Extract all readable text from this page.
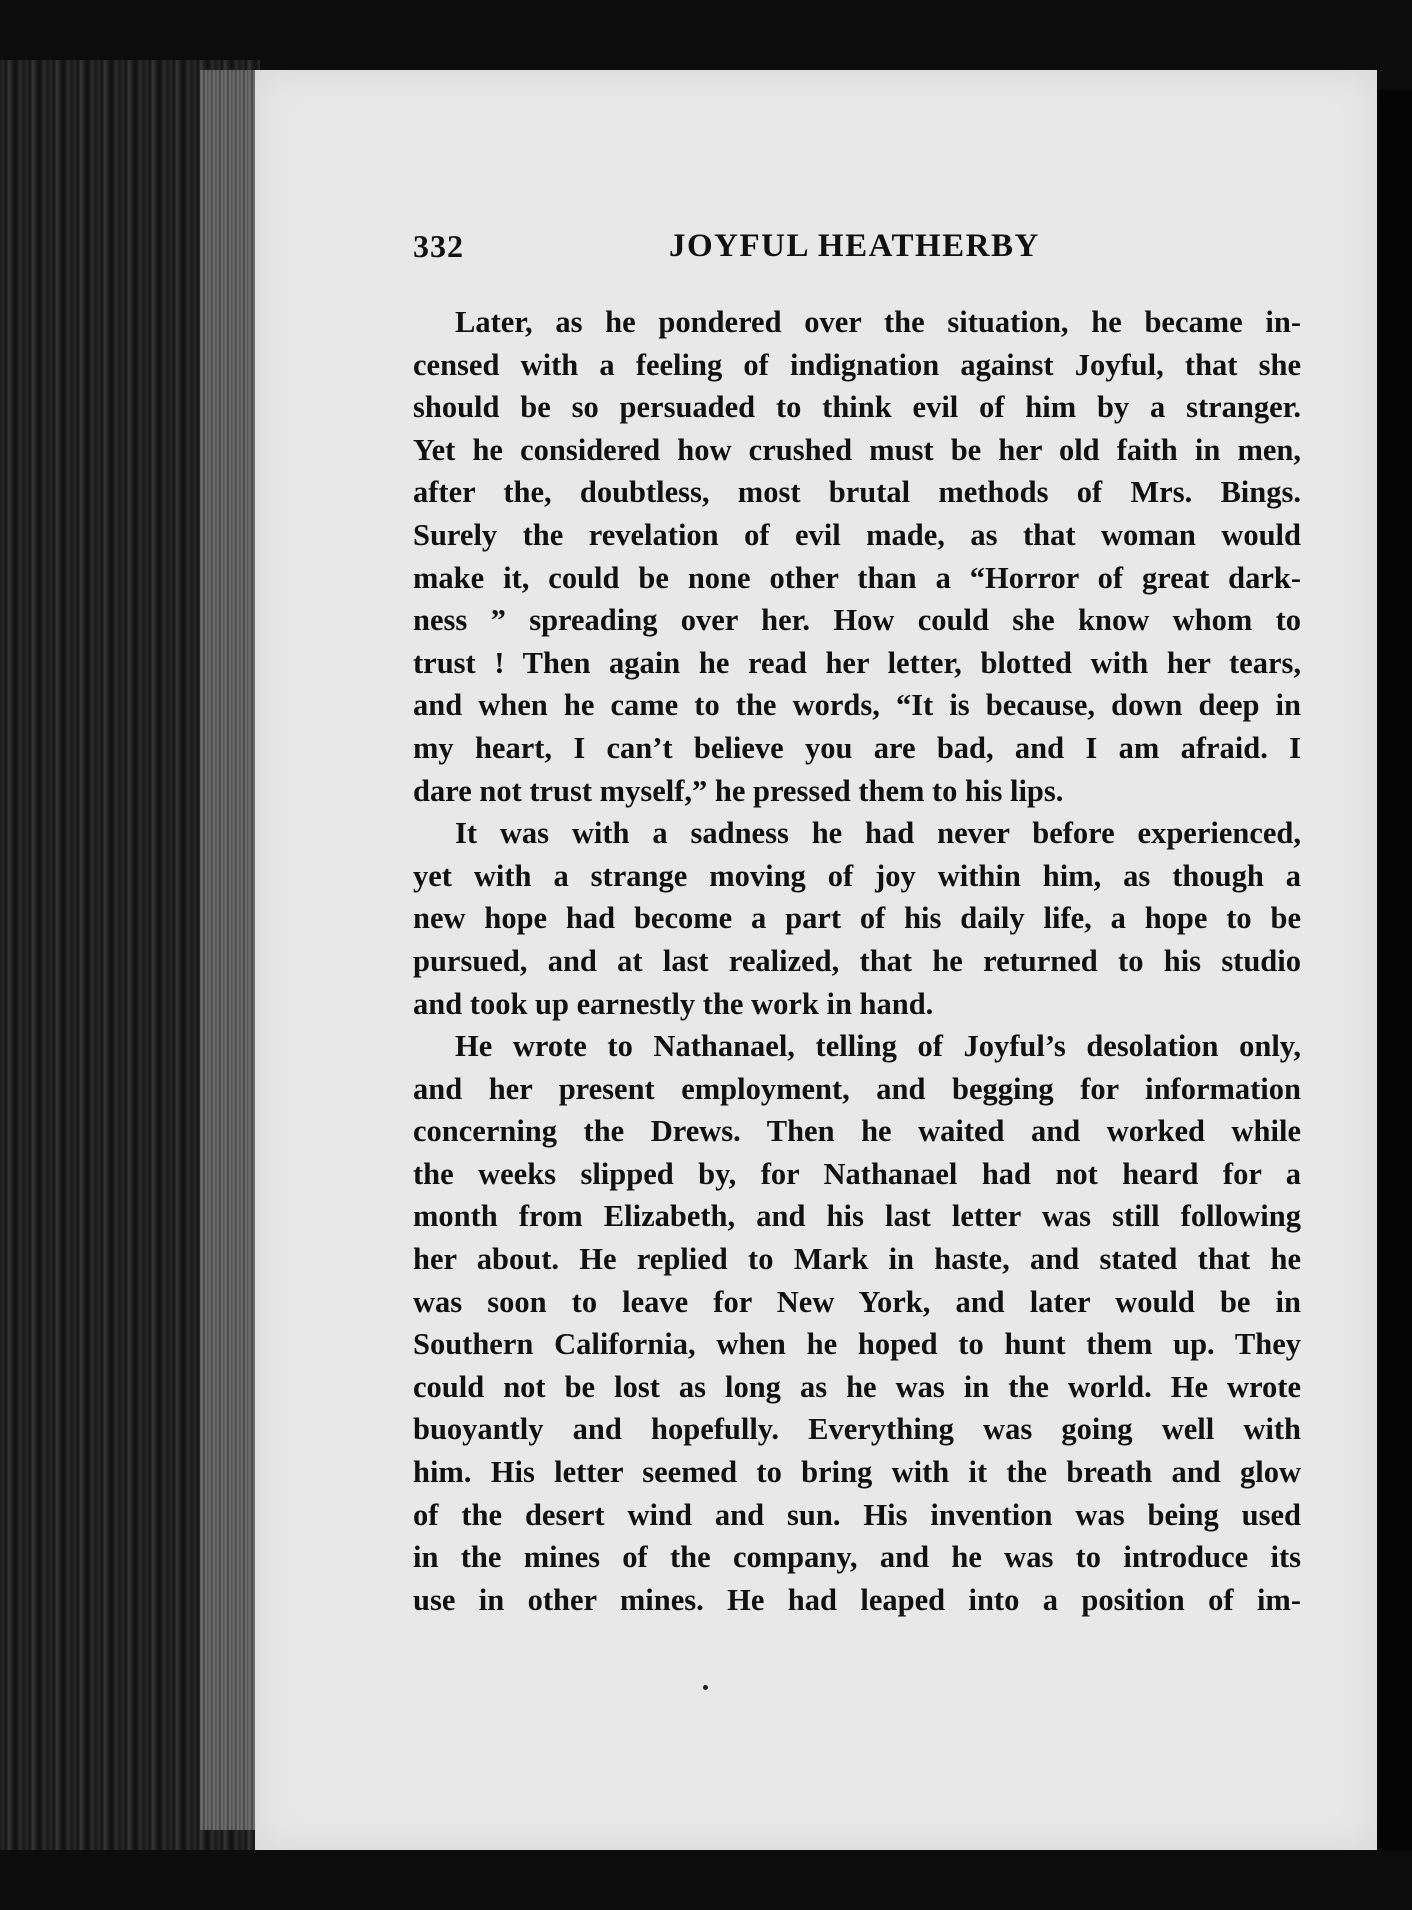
332	JOYFUL HEATHERBY
Later, as he pondered over the situation, he became in-
censed with a feeling of indignation against Joyful, that she
should be so persuaded to think evil of him by a stranger.
Yet he considered how crushed must be her old faith in men,
after the, doubtless, most brutal methods of Mrs. Bings.
Surely the revelation of evil made, as that woman would
make it, could be none other than a “Horror of great dark-
ness ” spreading over her. How could she know whom to
trust ! Then again he read her letter, blotted with her tears,
and when he came to the words, “It is because, down deep in
my heart, I can’t believe you are bad, and I am afraid. I
dare not trust myself,” he pressed them to his lips.
It was with a sadness he had never before experienced,
yet with a strange moving of joy within him, as though a
new hope had become a part of his daily life, a hope to be
pursued, and at last realized, that he returned to his studio
and took up earnestly the work in hand.
He wrote to Nathanael, telling of Joyful’s desolation only,
and her present employment, and begging for information
concerning the Drews. Then he waited and worked while
the weeks slipped by, for Nathanael had not heard for a
month from Elizabeth, and his last letter was still following
her about. He replied to Mark in haste, and stated that he
was soon to leave for New York, and later would be in
Southern California, when he hoped to hunt them up. They
could not be lost as long as he was in the world. He wrote
buoyantly and hopefully. Everything was going well with
him. His letter seemed to bring with it the breath and glow
of the desert wind and sun. His invention was being used
in the mines of the company, and he was to introduce its
use in other mines. He had leaped into a position of im-
